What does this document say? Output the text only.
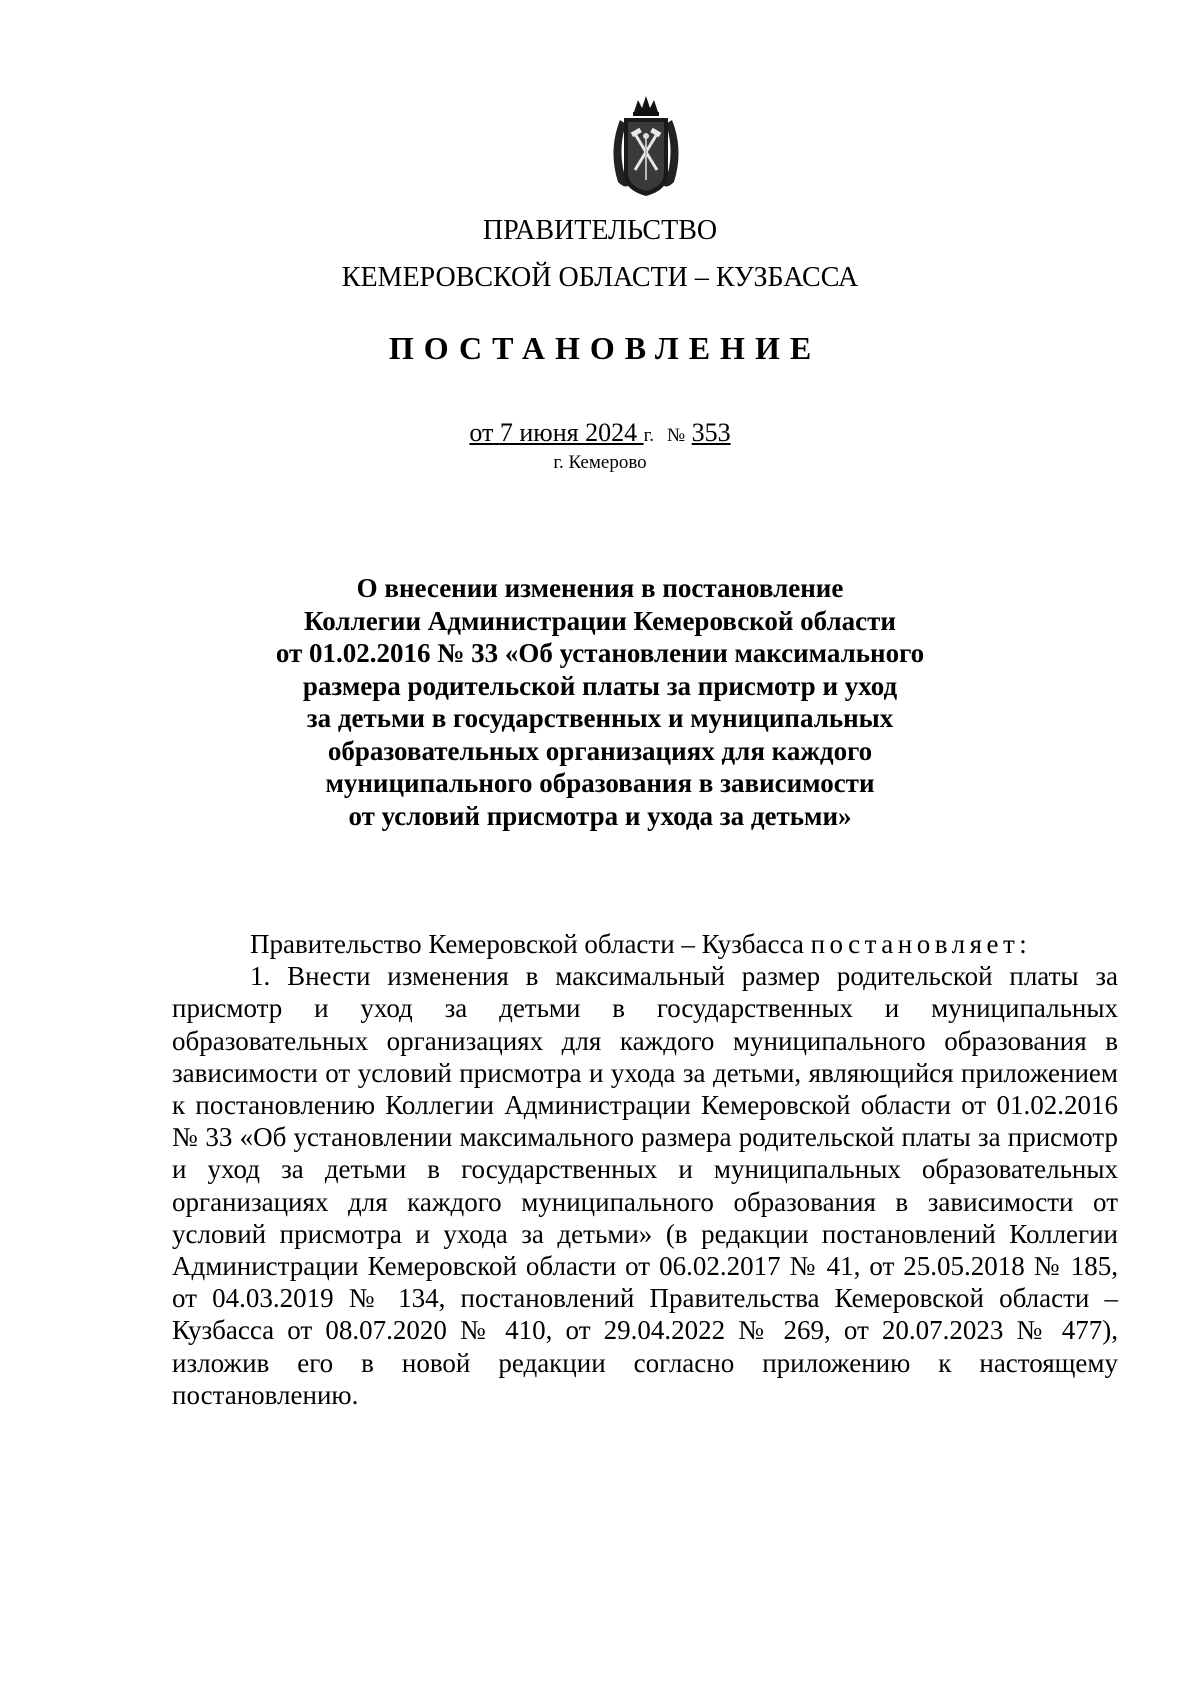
ПРАВИТЕЛЬСТВО
КЕМЕРОВСКОЙ ОБЛАСТИ – КУЗБАССА
ПОСТАНОВЛЕНИЕ
от 7 июня 2024 г. № 353
г. Кемерово
О внесении изменения в постановление
Коллегии Администрации Кемеровской области
от 01.02.2016 № 33 «Об установлении максимального
размера родительской платы за присмотр и уход
за детьми в государственных и муниципальных
образовательных организациях для каждого
муниципального образования в зависимости
от условий присмотра и ухода за детьми»

Правительство Кемеровской области – Кузбасса постановляет:

1. Внести изменения в максимальный размер родительской платы за присмотр и уход за детьми в государственных и муниципальных образовательных организациях для каждого муниципального образования в зависимости от условий присмотра и ухода за детьми, являющийся приложением к постановлению Коллегии Администрации Кемеровской области от 01.02.2016 № 33 «Об установлении максимального размера родительской платы за присмотр и уход за детьми в государственных и муниципальных образовательных организациях для каждого муниципального образования в зависимости от условий присмотра и ухода за детьми» (в редакции постановлений Коллегии Администрации Кемеровской области от 06.02.2017 № 41, от 25.05.2018 № 185, от 04.03.2019 № 134, постановлений Правительства Кемеровской области – Кузбасса от 08.07.2020 № 410, от 29.04.2022 № 269, от 20.07.2023 № 477), изложив его в новой редакции согласно приложению к настоящему постановлению.
